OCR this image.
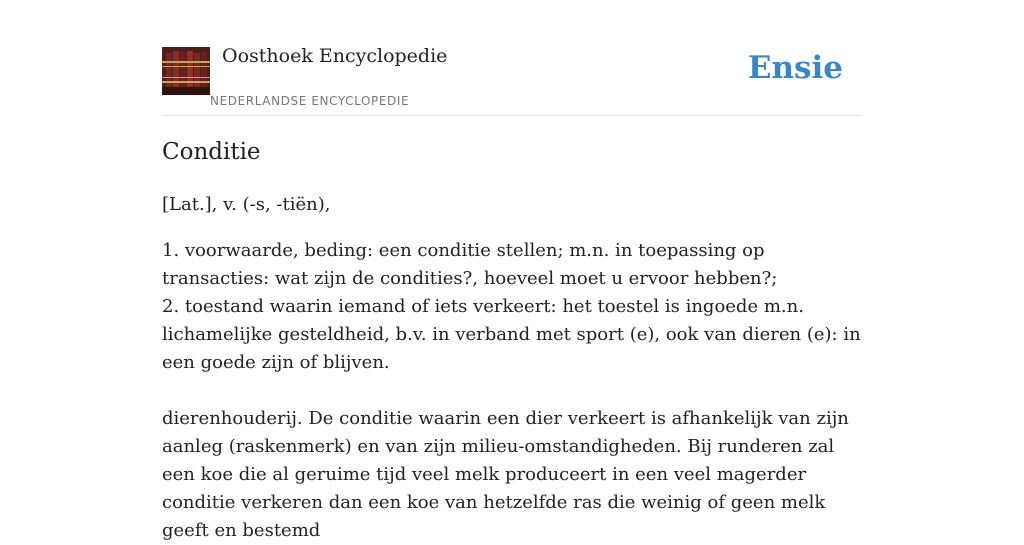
Oosthoek Encyclopedie
NEDERLANDSE ENCYCLOPEDIE
Ensie
Conditie

[Lat.], v. (-s, -tiën),

1. voorwaarde, beding: een conditie stellen; m.n. in toepassing op transacties: wat zijn de condities?, hoeveel moet u ervoor hebben?;

2. toestand waarin iemand of iets verkeert: het toestel is ingoede m.n. lichamelijke gesteldheid, b.v. in verband met sport (e), ook van dieren (e): in een goede zijn of blijven.

dierenhouderij. De conditie waarin een dier verkeert is afhankelijk van zijn aanleg (raskenmerk) en van zijn milieu-omstandigheden. Bij runderen zal een koe die al geruime tijd veel melk produceert in een veel magerder conditie verkeren dan een koe van hetzelfde ras die weinig of geen melk geeft en bestemd
